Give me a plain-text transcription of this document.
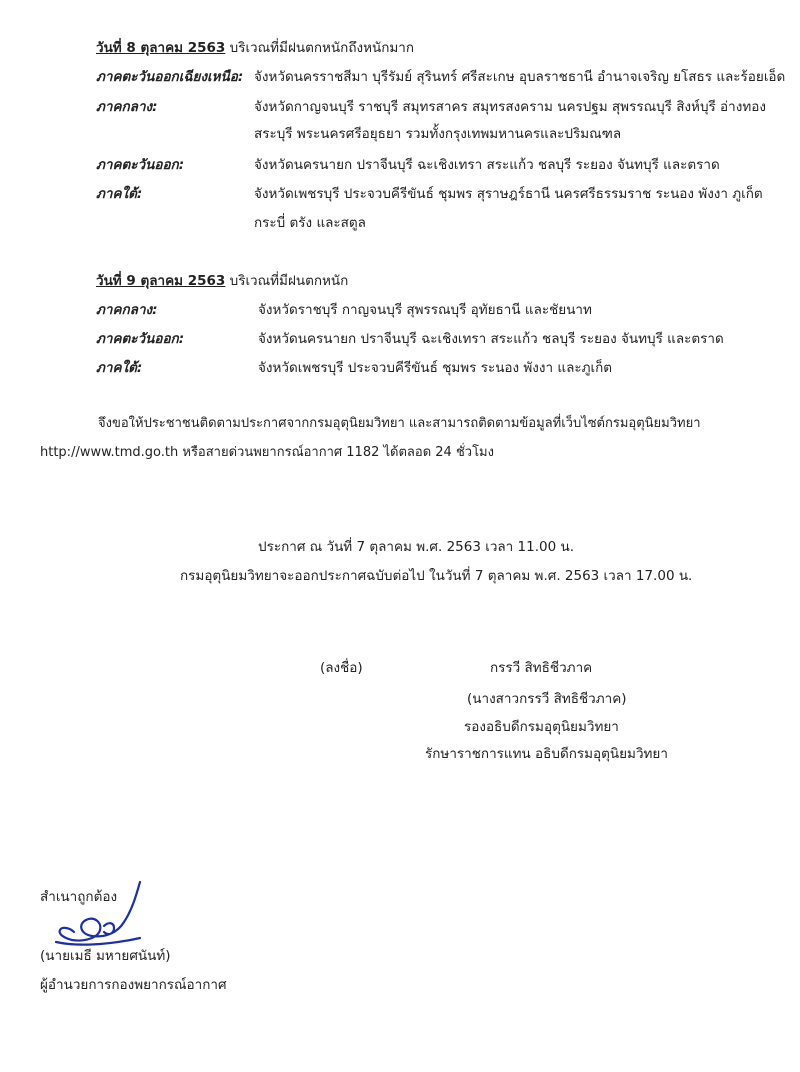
วันที่ 8 ตุลาคม 2563 บริเวณที่มีฝนตกหนักถึงหนักมาก
ภาคตะวันออกเฉียงเหนือ: จังหวัดนครราชสีมา บุรีรัมย์ สุรินทร์ ศรีสะเกษ อุบลราชธานี อำนาจเจริญ ยโสธร และร้อยเอ็ด
ภาคกลาง:	จังหวัดกาญจนบุรี ราชบุรี สมุทรสาคร สมุทรสงคราม นครปฐม สุพรรณบุรี สิงห์บุรี อ่างทอง
สระบุรี พระนครศรีอยุธยา รวมทั้งกรุงเทพมหานครและปริมณฑล
ภาคตะวันออก:	จังหวัดนครนายก ปราจีนบุรี ฉะเชิงเทรา สระแก้ว ชลบุรี ระยอง จันทบุรี และตราด
ภาคใต้:	จังหวัดเพชรบุรี ประจวบคีรีขันธ์ ชุมพร สุราษฎร์ธานี นครศรีธรรมราช ระนอง พังงา ภูเก็ต
กระบี่ ตรัง และสตูล
วันที่ 9 ตุลาคม 2563 บริเวณที่มีฝนตกหนัก
ภาคกลาง:	จังหวัดราชบุรี กาญจนบุรี สุพรรณบุรี อุทัยธานี และชัยนาท
ภาคตะวันออก:	จังหวัดนครนายก ปราจีนบุรี ฉะเชิงเทรา สระแก้ว ชลบุรี ระยอง จันทบุรี และตราด
ภาคใต้:	จังหวัดเพชรบุรี ประจวบคีรีขันธ์ ชุมพร ระนอง พังงา และภูเก็ต
จึงขอให้ประชาชนติดตามประกาศจากกรมอุตุนิยมวิทยา และสามารถติดตามข้อมูลที่เว็บไซต์กรมอุตุนิยมวิทยา
http://www.tmd.go.th หรือสายด่วนพยากรณ์อากาศ 1182 ได้ตลอด 24 ชั่วโมง
ประกาศ ณ วันที่ 7 ตุลาคม พ.ศ. 2563 เวลา 11.00 น.
กรมอุตุนิยมวิทยาจะออกประกาศฉบับต่อไป ในวันที่ 7 ตุลาคม พ.ศ. 2563 เวลา 17.00 น.
(ลงชื่อ)	กรรวี สิทธิชีวภาค
(นางสาวกรรวี สิทธิชีวภาค)
รองอธิบดีกรมอุตุนิยมวิทยา
รักษาราชการแทน อธิบดีกรมอุตุนิยมวิทยา
สำเนาถูกต้อง
(นายเมธี มหายศนันท์)
ผู้อำนวยการกองพยากรณ์อากาศ
